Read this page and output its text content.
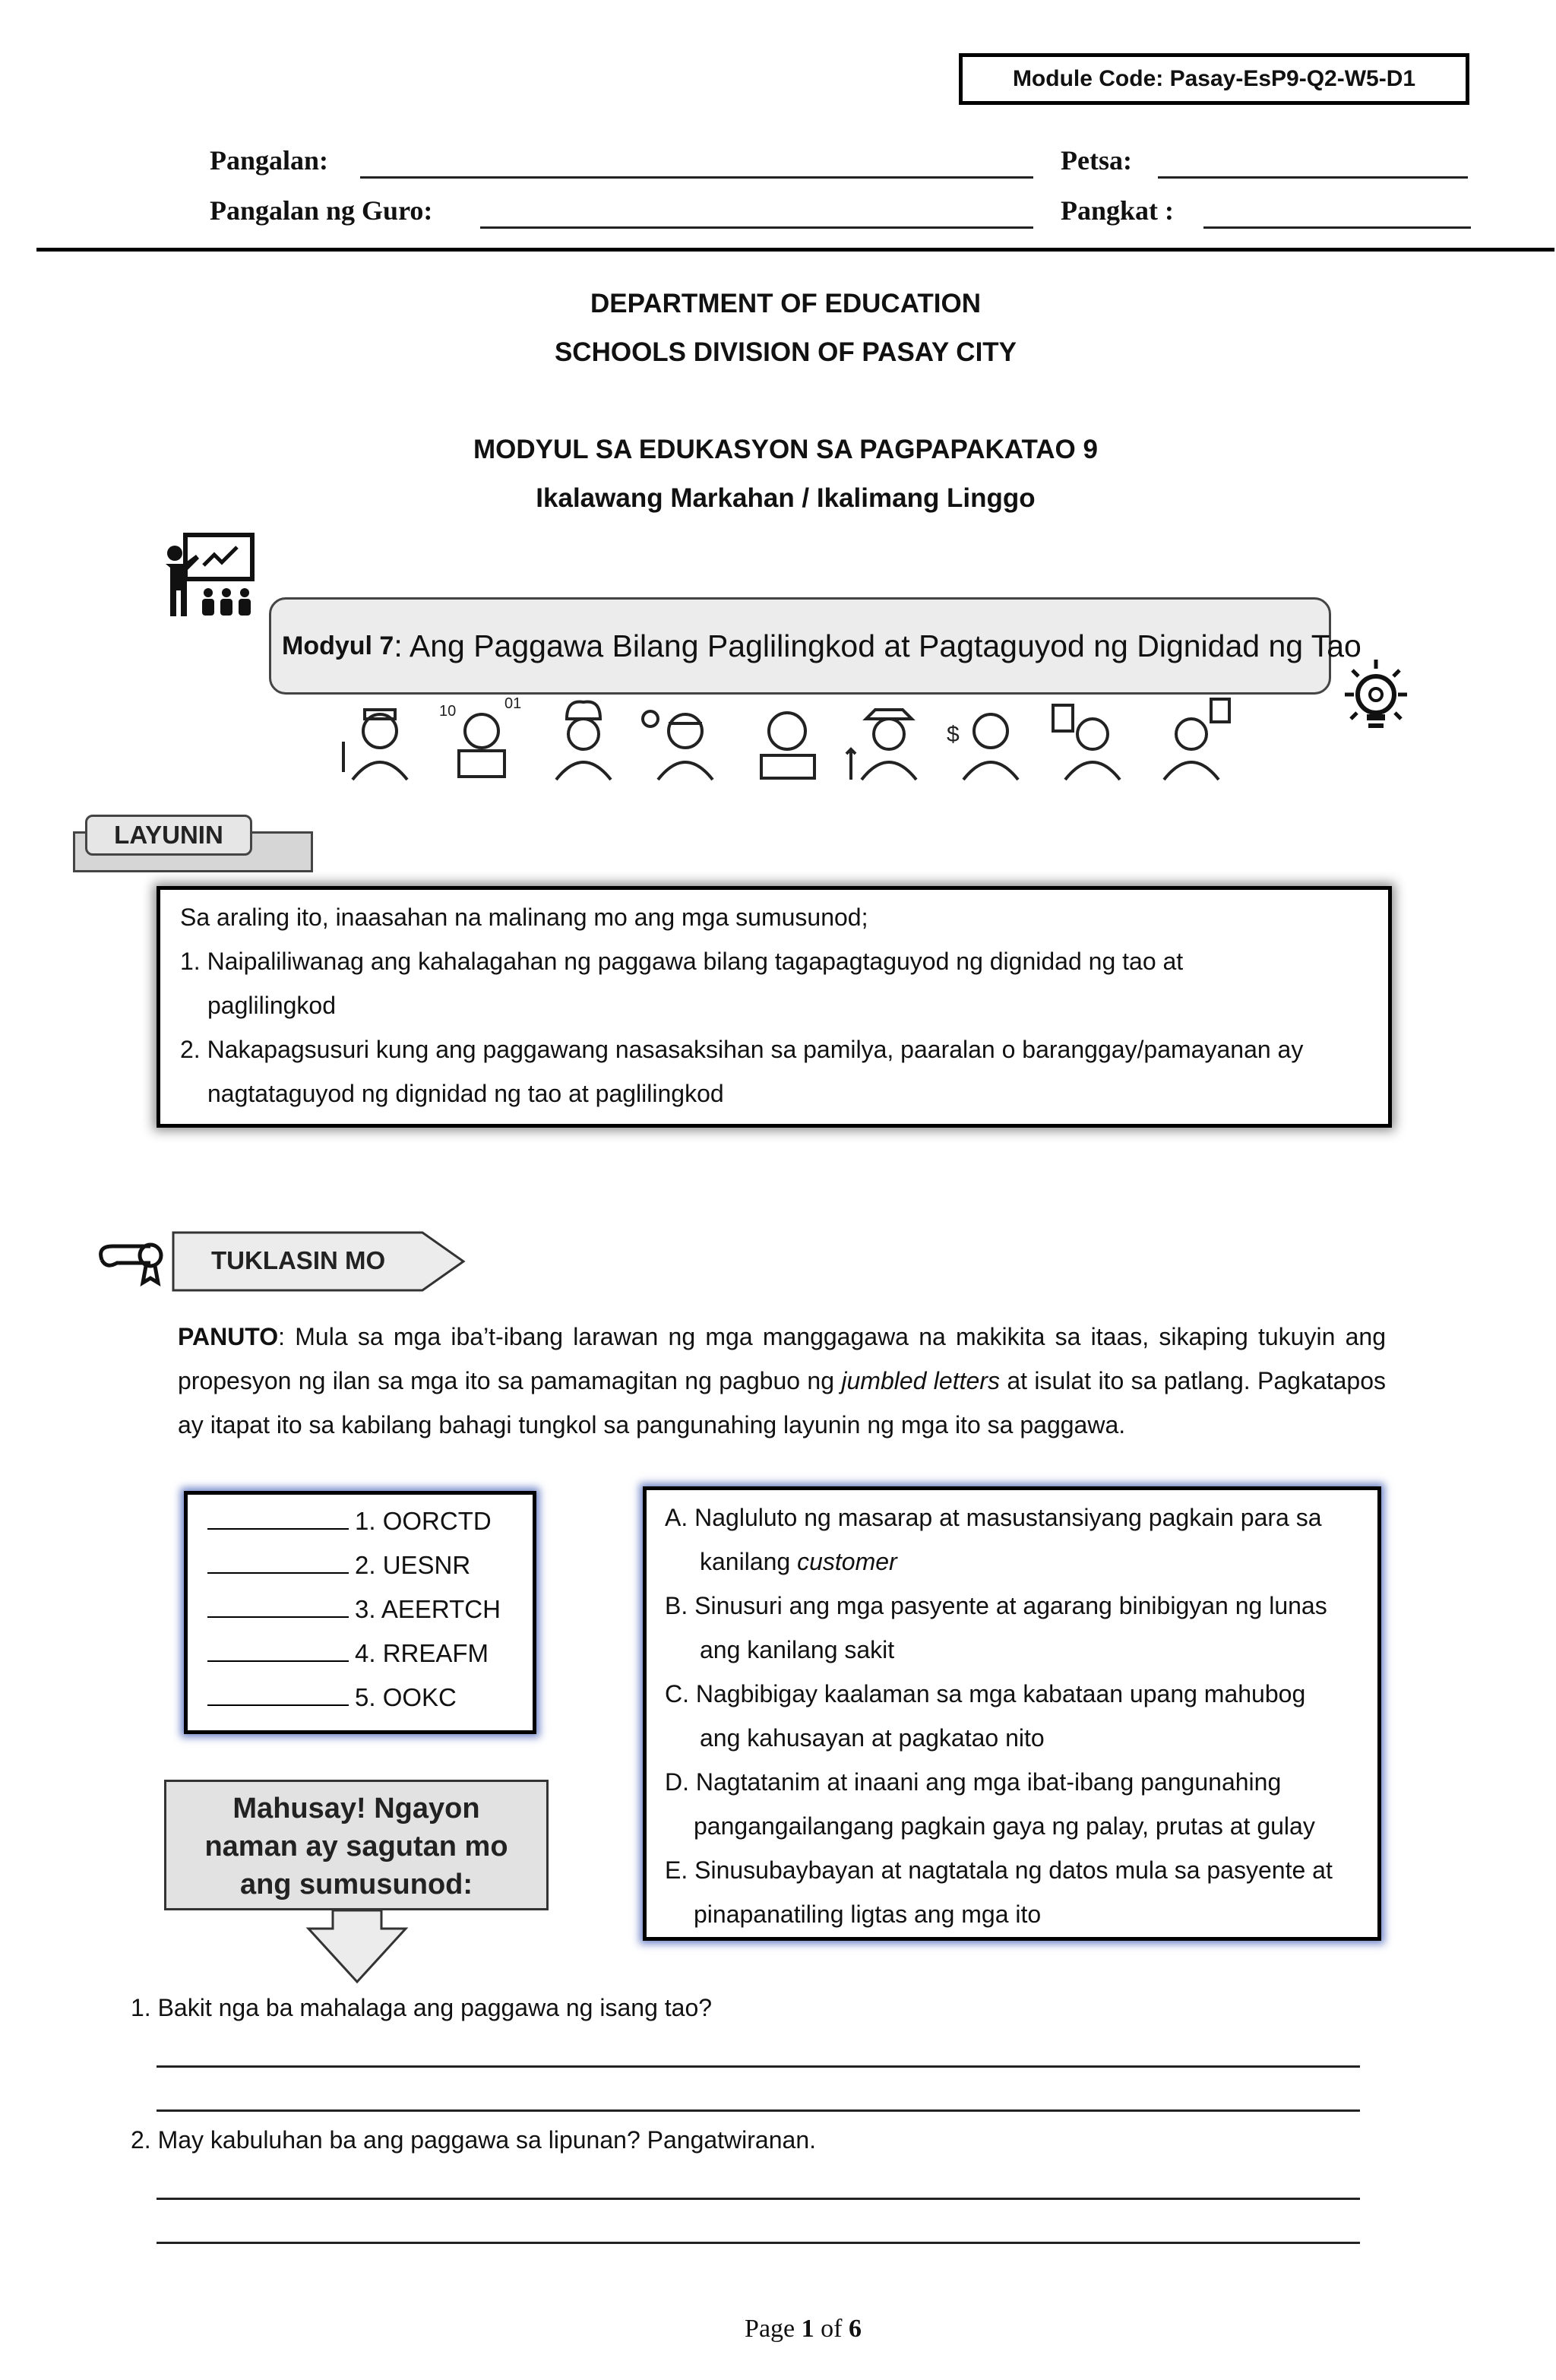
Module Code: Pasay-EsP9-Q2-W5-D1
Pangalan:	Petsa:
Pangalan ng Guro:	Pangkat :
DEPARTMENT OF EDUCATION
SCHOOLS DIVISION OF PASAY CITY
MODYUL SA EDUKASYON SA PAGPAPAKATAO 9
Ikalawang Markahan / Ikalimang Linggo
Modyul 7 : Ang Paggawa Bilang Paglilingkod at Pagtaguyod ng Dignidad ng Tao
10	01
$
LAYUNIN
Sa araling ito, inaasahan na malinang mo ang mga sumusunod;
1. Naipaliliwanag ang kahalagahan ng paggawa bilang tagapagtaguyod ng dignidad ng tao at
paglilingkod
2. Nakapagsusuri kung ang paggawang nasasaksihan sa pamilya, paaralan o baranggay/pamayanan ay
nagtataguyod ng dignidad ng tao at paglilingkod
TUKLASIN MO
PANUTO: Mula sa mga iba’t-ibang larawan ng mga manggagawa na makikita sa itaas, sikaping tukuyin ang propesyon ng ilan sa mga ito sa pamamagitan ng pagbuo ng jumbled letters at isulat ito sa patlang. Pagkatapos ay itapat ito sa kabilang bahagi tungkol sa pangunahing layunin ng mga ito sa paggawa.
1. OORCTD
2. UESNR
3. AEERTCH
4. RREAFM
5. OOKC
A. Nagluluto ng masarap at masustansiyang pagkain para sa
kanilang customer
B. Sinusuri ang mga pasyente at agarang binibigyan ng lunas
ang kanilang sakit
C. Nagbibigay kaalaman sa mga kabataan upang mahubog
ang kahusayan at pagkatao nito
D. Nagtatanim at inaani ang mga ibat-ibang pangunahing
pangangailangang pagkain gaya ng palay, prutas at gulay
E. Sinusubaybayan at nagtatala ng datos mula sa pasyente at
pinapanatiling ligtas ang mga ito
Mahusay! Ngayon
naman ay sagutan mo
ang sumusunod:
1. Bakit nga ba mahalaga ang paggawa ng isang tao?
2. May kabuluhan ba ang paggawa sa lipunan? Pangatwiranan.
Page 1 of 6
